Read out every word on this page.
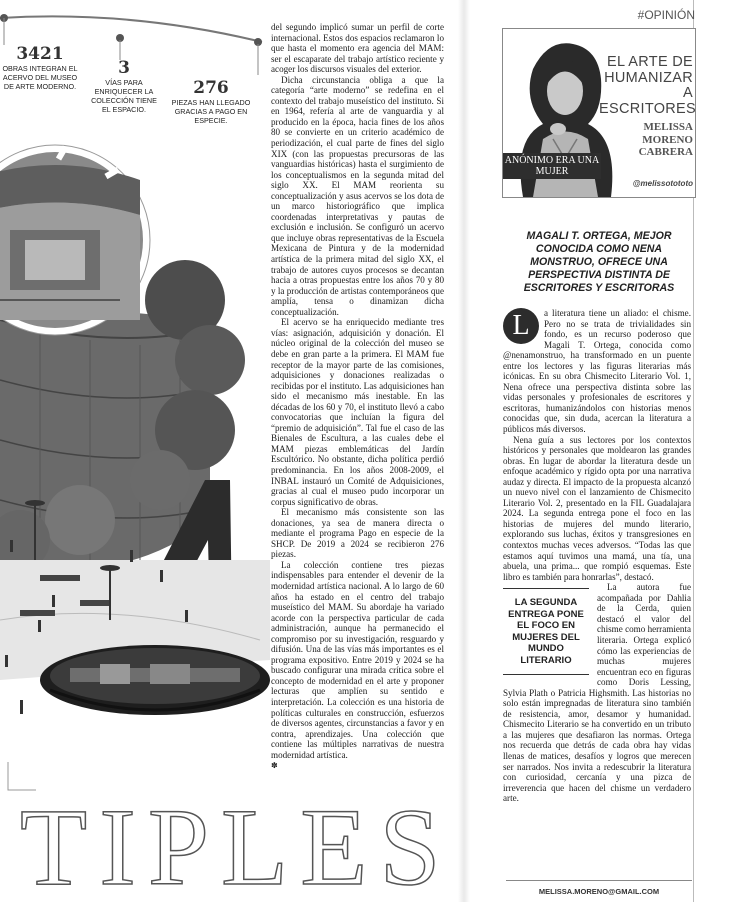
3421
OBRAS INTEGRAN EL ACERVO DEL MUSEO DE ARTE MODERNO.
3
VÍAS PARA ENRIQUECER LA COLECCIÓN TIENE EL ESPACIO.
276
PIEZAS HAN LLEGADO GRACIAS A PAGO EN ESPECIE.
TIPLES

del segundo implicó sumar un perfil de corte internacional. Estos dos espacios reclamaron lo que hasta el momento era agencia del MAM: ser el escaparate del trabajo artístico reciente y acoger los discursos visuales del exterior.

Dicha circunstancia obliga a que la categoría “arte moderno” se redefina en el contexto del trabajo museístico del instituto. Si en 1964, refería al arte de vanguardia y al producido en la época, hacia fines de los años 80 se convierte en un criterio académico de periodización, el cual parte de fines del siglo XIX (con las propuestas precursoras de las vanguardias históricas) hasta el surgimiento de los conceptualismos en la segunda mitad del siglo XX. El MAM reorienta su conceptualización y asus acervos se los dota de un marco historiográfico que implica coordenadas interpretativas y pautas de exclusión e inclusión. Se configuró un acervo que incluye obras representativas de la Escuela Mexicana de Pintura y de la modernidad artística de la primera mitad del siglo XX, el trabajo de autores cuyos procesos se decantan hacia a otras propuestas entre los años 70 y 80 y la producción de artistas contemporáneos que amplía, tensa o dinamizan dicha conceptualización.

El acervo se ha enriquecido mediante tres vías: asignación, adquisición y donación. El núcleo original de la colección del museo se debe en gran parte a la primera. El MAM fue receptor de la mayor parte de las comisiones, adquisiciones y donaciones realizadas o recibidas por el instituto. Las adquisiciones han sido el mecanismo más inestable. En las décadas de los 60 y 70, el instituto llevó a cabo convocatorias que incluían la figura del “premio de adquisición”. Tal fue el caso de las Bienales de Escultura, a las cuales debe el MAM piezas emblemáticas del Jardín Escultórico. No obstante, dicha política perdió predominancia. En los años 2008-2009, el INBAL instauró un Comité de Adquisiciones, gracias al cual el museo pudo incorporar un corpus significativo de obras.

El mecanismo más consistente son las donaciones, ya sea de manera directa o mediante el programa Pago en especie de la SHCP. De 2019 a 2024 se recibieron 276 piezas.

La colección contiene tres piezas indispensables para entender el devenir de la modernidad artística nacional. A lo largo de 60 años ha estado en el centro del trabajo museístico del MAM. Su abordaje ha variado acorde con la perspectiva particular de cada administración, aunque ha permanecido el compromiso por su investigación, resguardo y difusión. Una de las vías más importantes es el programa expositivo. Entre 2019 y 2024 se ha buscado configurar una mirada crítica sobre el concepto de modernidad en el arte y proponer lecturas que amplíen su sentido e interpretación. La colección es una historia de políticas culturales en construcción, esfuerzos de diversos agentes, circunstancias a favor y en contra, aprendizajes. Una colección que contiene las múltiples narrativas de nuestra modernidad artística.

✽
#OPINIÓN
EL ARTE DE HUMANIZAR A ESCRITORES
MELISSA MORENO CABRERA
ANÓNIMO ERA UNA MUJER
@melissotototo
MAGALI T. ORTEGA, MEJOR CONOCIDA COMO NENA MONSTRUO, OFRECE UNA PERSPECTIVA DISTINTA DE ESCRITORES Y ESCRITORAS
L	a literatura tiene un aliado: el chisme. Pero no se trata de trivialidades sin fondo, es un recurso poderoso que Magali T. Ortega, conocida como @nenamonstruo, ha transformado en un puente entre los lectores y las figuras literarias más icónicas. En su obra Chismecito Literario Vol. 1, Nena ofrece una perspectiva distinta sobre las vidas personales y profesionales de escritores y escritoras, humanizándolos con historias menos conocidas que, sin duda, acercan la literatura a públicos más diversos.

Nena guía a sus lectores por los contextos históricos y personales que moldearon las grandes obras. En lugar de abordar la literatura desde un enfoque académico y rígido opta por una narrativa audaz y directa. El impacto de la propuesta alcanzó un nuevo nivel con el lanzamiento de Chismecito Literario Vol. 2, presentado en la FIL Guadalajara 2024. La segunda entrega pone el foco en las historias de mujeres del mundo literario, explorando sus luchas, éxitos y transgresiones en contextos muchas veces adversos. “Todas las que estamos aquí tuvimos una mamá, una tía, una abuela, una prima... que rompió esquemas. Este libro es también para honrarlas”, destacó.

LA SEGUNDA ENTREGA PONE EL FOCO EN MUJERES DEL MUNDO LITERARIO

La autora fue acompañada por Dahlia de la Cerda, quien destacó el valor del chisme como herramienta literaria. Ortega explicó cómo las experiencias de muchas mujeres encuentran eco en figuras como Doris Lessing, Sylvia Plath o Patricia Highsmith. Las historias no solo están impregnadas de literatura sino también de resistencia, amor, desamor y humanidad. Chismecito Literario se ha convertido en un tributo a las mujeres que desafiaron las normas. Ortega nos recuerda que detrás de cada obra hay vidas llenas de matices, desafíos y logros que merecen ser narrados. Nos invita a redescubrir la literatura con curiosidad, cercanía y una pizca de irreverencia que hacen del chisme un verdadero arte.

MELISSA.MORENO@GMAIL.COM
